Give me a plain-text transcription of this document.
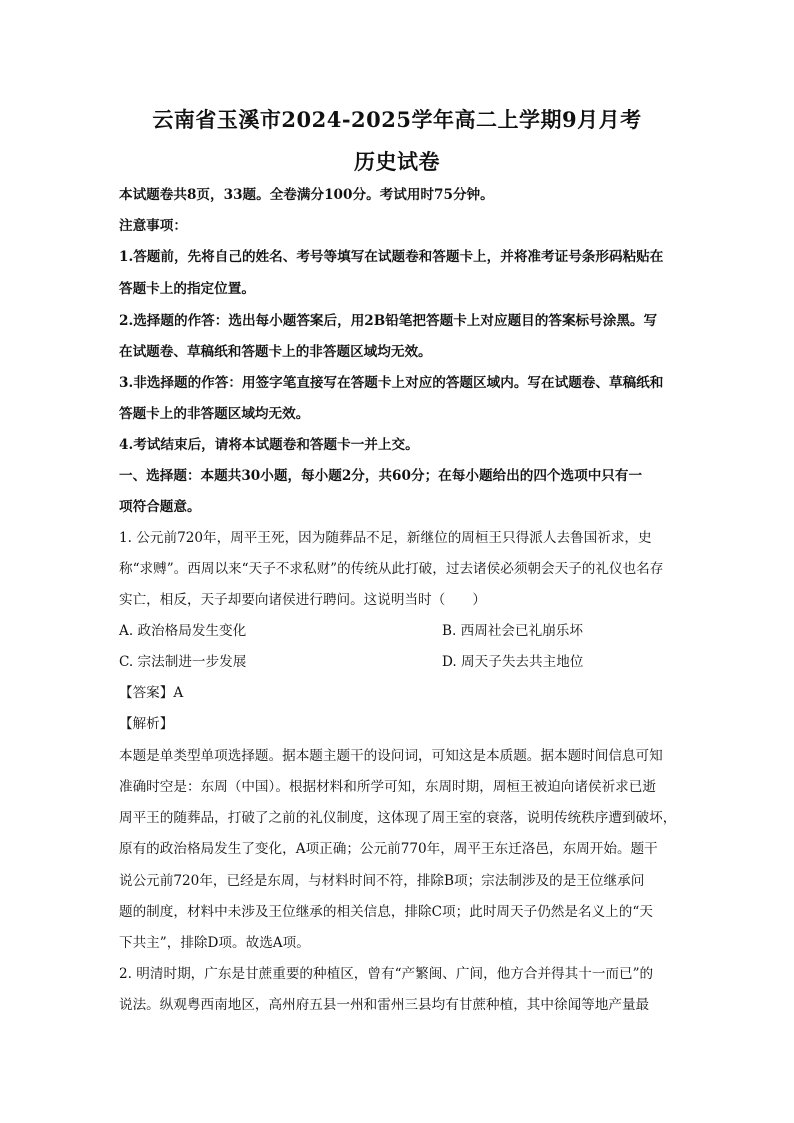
云南省玉溪市2024-2025学年高二上学期9月月考
历史试卷
本试题卷共8页，33题。全卷满分100分。考试用时75分钟。
注意事项：
1.答题前，先将自己的姓名、考号等填写在试题卷和答题卡上，并将准考证号条形码粘贴在
答题卡上的指定位置。
2.选择题的作答：选出每小题答案后，用2B铅笔把答题卡上对应题目的答案标号涂黑。写
在试题卷、草稿纸和答题卡上的非答题区域均无效。
3.非选择题的作答：用签字笔直接写在答题卡上对应的答题区域内。写在试题卷、草稿纸和
答题卡上的非答题区域均无效。
4.考试结束后，请将本试题卷和答题卡一并上交。
一、选择题：本题共30小题，每小题2分，共60分；在每小题给出的四个选项中只有一
项符合题意。
1. 公元前720年，周平王死，因为随葬品不足，新继位的周桓王只得派人去鲁国祈求，史
称“求赙”。西周以来“天子不求私财”的传统从此打破，过去诸侯必须朝会天子的礼仪也名存
实亡，相反，天子却要向诸侯进行聘问。这说明当时（　　）
A. 政治格局发生变化	B. 西周社会已礼崩乐坏
C. 宗法制进一步发展	D. 周天子失去共主地位
【答案】A
【解析】
本题是单类型单项选择题。据本题主题干的设问词，可知这是本质题。据本题时间信息可知
准确时空是：东周（中国）。根据材料和所学可知，东周时期，周桓王被迫向诸侯祈求已逝
周平王的随葬品，打破了之前的礼仪制度，这体现了周王室的衰落，说明传统秩序遭到破坏，
原有的政治格局发生了变化，A项正确；公元前770年，周平王东迁洛邑，东周开始。题干
说公元前720年，已经是东周，与材料时间不符，排除B项；宗法制涉及的是王位继承问
题的制度，材料中未涉及王位继承的相关信息，排除C项；此时周天子仍然是名义上的“天
下共主”，排除D项。故选A项。
2. 明清时期，广东是甘蔗重要的种植区，曾有“产繁闽、广间，他方合并得其十一而已”的
说法。纵观粤西南地区，高州府五县一州和雷州三县均有甘蔗种植，其中徐闻等地产量最
